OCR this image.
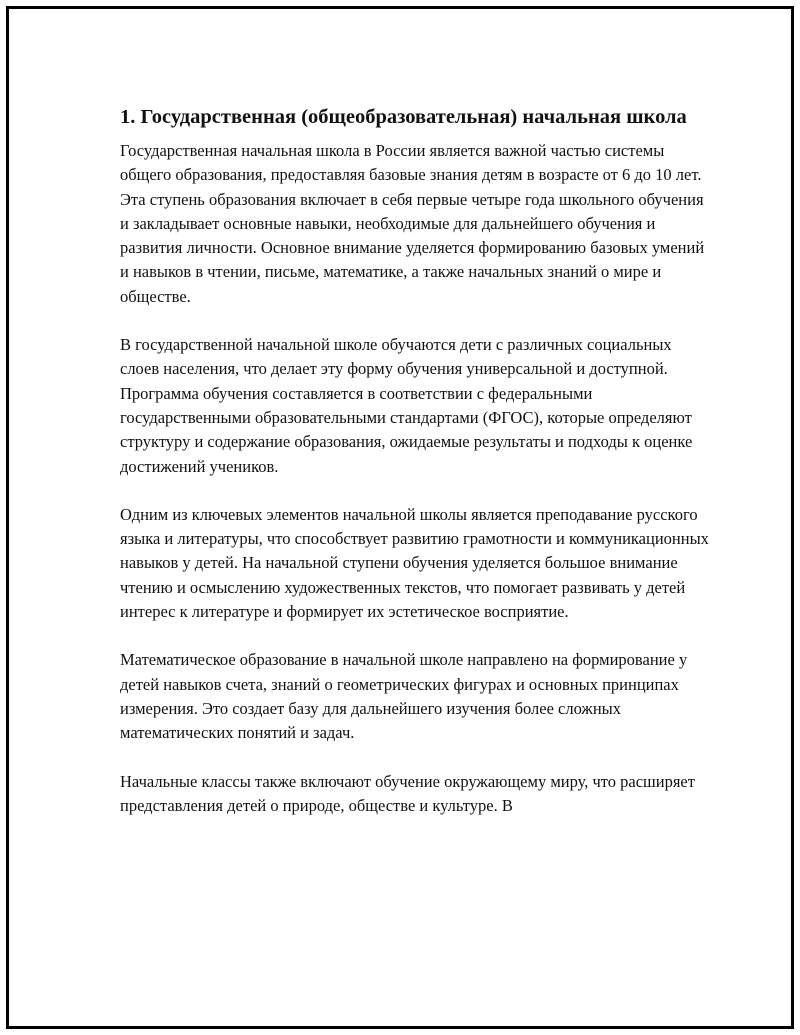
1. Государственная (общеобразовательная) начальная школа

Государственная начальная школа в России является важной частью системы общего образования, предоставляя базовые знания детям в возрасте от 6 до 10 лет. Эта ступень образования включает в себя первые четыре года школьного обучения и закладывает основные навыки, необходимые для дальнейшего обучения и развития личности. Основное внимание уделяется формированию базовых умений и навыков в чтении, письме, математике, а также начальных знаний о мире и обществе.

В государственной начальной школе обучаются дети с различных социальных слоев населения, что делает эту форму обучения универсальной и доступной. Программа обучения составляется в соответствии с федеральными государственными образовательными стандартами (ФГОС), которые определяют структуру и содержание образования, ожидаемые результаты и подходы к оценке достижений учеников.

Одним из ключевых элементов начальной школы является преподавание русского языка и литературы, что способствует развитию грамотности и коммуникационных навыков у детей. На начальной ступени обучения уделяется большое внимание чтению и осмыслению художественных текстов, что помогает развивать у детей интерес к литературе и формирует их эстетическое восприятие.

Математическое образование в начальной школе направлено на формирование у детей навыков счета, знаний о геометрических фигурах и основных принципах измерения. Это создает базу для дальнейшего изучения более сложных математических понятий и задач.

Начальные классы также включают обучение окружающему миру, что расширяет представления детей о природе, обществе и культуре. В
